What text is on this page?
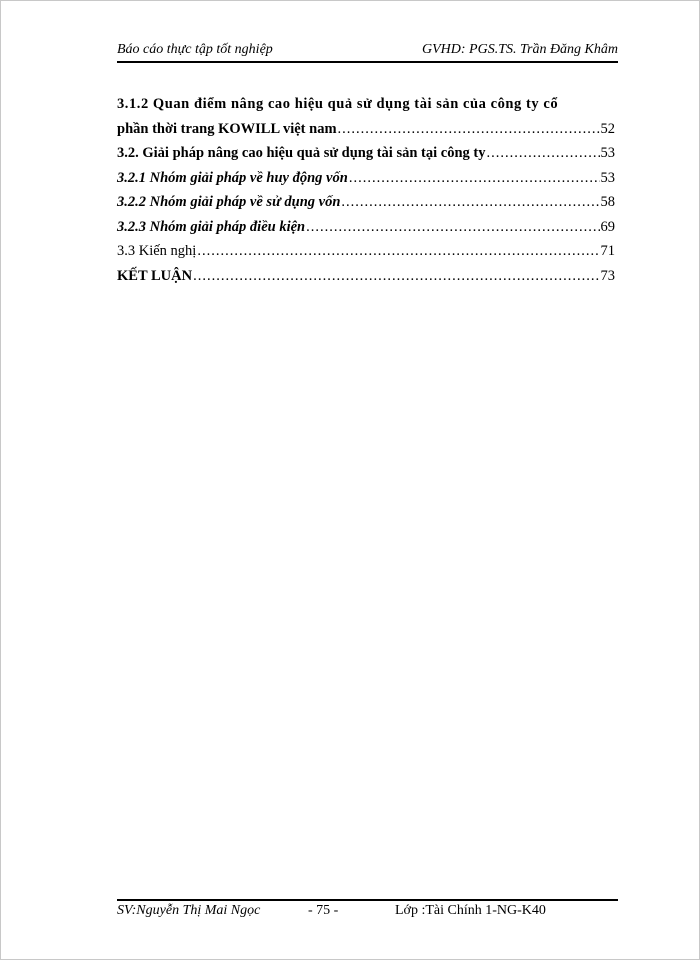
Báo cáo thực tập tốt nghiệp	GVHD: PGS.TS. Trần Đăng Khâm
3.1.2 Quan điểm nâng cao hiệu quả sử dụng tài sản của công ty cổ
phần thời trang KOWILL việt nam .....	52
3.2. Giải pháp nâng cao hiệu quả sử dụng tài sản tại công ty .....	53
3.2.1 Nhóm giải pháp về huy động vốn .....	53
3.2.2 Nhóm giải pháp về sử dụng vốn .....	58
3.2.3 Nhóm giải pháp điều kiện .....	69
3.3 Kiến nghị .....	71
KẾT LUẬN .....	73
SV:Nguyễn Thị Mai Ngọc	- 75 -	Lớp :Tài Chính 1-NG-K40
